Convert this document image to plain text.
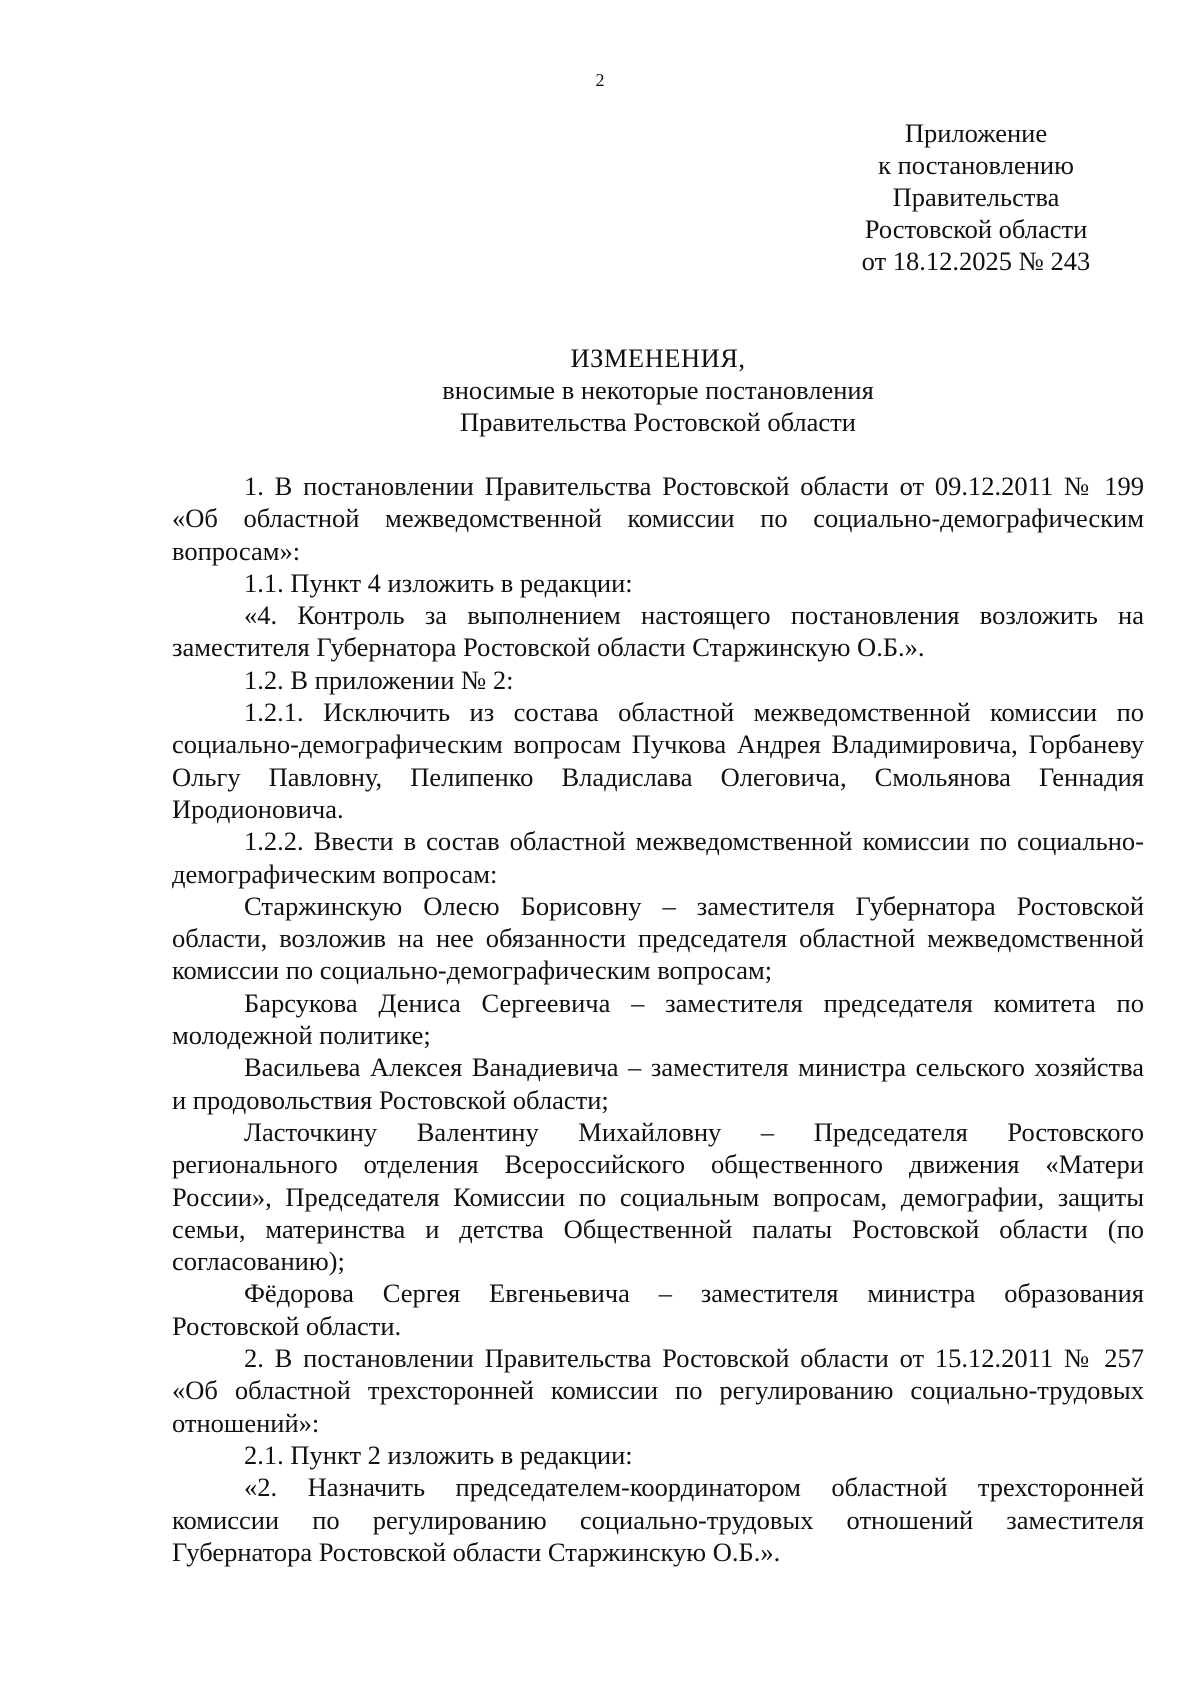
2
Приложение
к постановлению
Правительства
Ростовской области
от 18.12.2025 № 243
ИЗМЕНЕНИЯ,
вносимые в некоторые постановления
Правительства Ростовской области

1. В постановлении Правительства Ростовской области от 09.12.2011 № 199 «Об областной межведомственной комиссии по социально-демографическим вопросам»:

1.1. Пункт 4 изложить в редакции:

«4. Контроль за выполнением настоящего постановления возложить на заместителя Губернатора Ростовской области Старжинскую О.Б.».

1.2. В приложении № 2:

1.2.1. Исключить из состава областной межведомственной комиссии по социально-демографическим вопросам Пучкова Андрея Владимировича, Горбаневу Ольгу Павловну, Пелипенко Владислава Олеговича, Смольянова Геннадия Иродионовича.

1.2.2. Ввести в состав областной межведомственной комиссии по социально-демографическим вопросам:

Старжинскую Олесю Борисовну – заместителя Губернатора Ростовской области, возложив на нее обязанности председателя областной межведомственной комиссии по социально-демографическим вопросам;

Барсукова Дениса Сергеевича – заместителя председателя комитета по молодежной политике;

Васильева Алексея Ванадиевича – заместителя министра сельского хозяйства и продовольствия Ростовской области;

Ласточкину Валентину Михайловну – Председателя Ростовского регионального отделения Всероссийского общественного движения «Матери России», Председателя Комиссии по социальным вопросам, демографии, защиты семьи, материнства и детства Общественной палаты Ростовской области (по согласованию);

Фёдорова Сергея Евгеньевича – заместителя министра образования Ростовской области.

2. В постановлении Правительства Ростовской области от 15.12.2011 № 257 «Об областной трехсторонней комиссии по регулированию социально-трудовых отношений»:

2.1. Пункт 2 изложить в редакции:

«2. Назначить председателем-координатором областной трехсторонней комиссии по регулированию социально-трудовых отношений заместителя Губернатора Ростовской области Старжинскую О.Б.».
